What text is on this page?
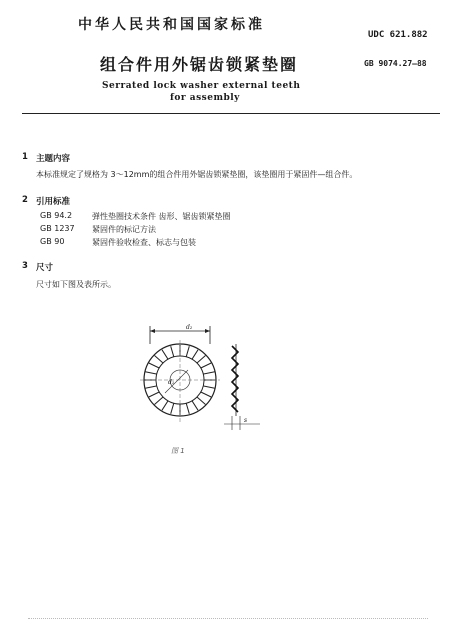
中华人民共和国国家标准
UDC 621.882
GB 9074.27—88
组合件用外锯齿锁紧垫圈
Serrated lock washer external teeth
for assembly
1 主题内容
本标准规定了规格为 3～12mm的组合件用外锯齿锁紧垫圈，该垫圈用于紧固件—组合件。
2 引用标准
GB 94.2 弹性垫圈技术条件 齿形、锯齿锁紧垫圈
GB 1237 紧固件的标记方法
GB 90	紧固件验收检查、标志与包装
3 尺寸
尺寸如下图及表所示。
d₂
d₁
s
图 1
